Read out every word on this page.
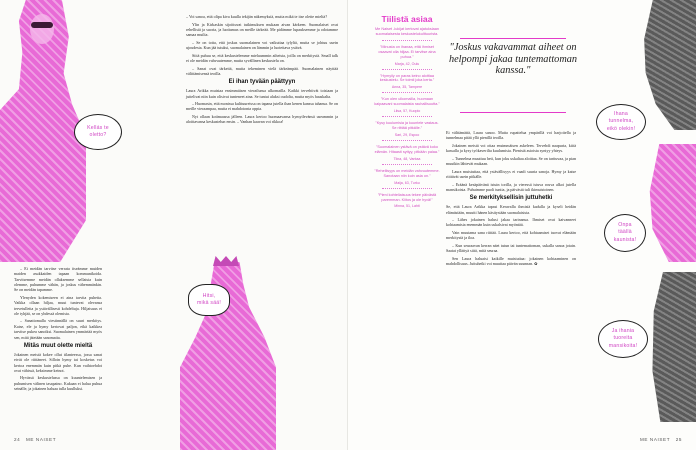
Kellás te
oletto?
Hitsi,
mikä sää!

– Ei meidän tarvitse verrata itseämme muiden maiden asukkaiden tapaan kommunikoida. Tarvitsemme meidän ollaksemme sellaisia kuin olemme, puhumme vähän, ja joskus vähemmänkin. Se on meidän tapamme.

Ylenyden kokemiseen ei aina tarvita puhetta. Vaikka ollaan hiljaa, muut tuntevat olevansa tervetulleita ja ystävällisesti kohdeltuja. Hiljaisuus ei ole tyhjää, se on yhdessä olemista.

– Sanattomalla viestinnällä on suuri merkitys. Katse, ele ja hymy kertovat paljon, eikä kaikkea tarvitse pukea sanoiksi. Suomalainen ymmärtää myös sen, mitä jätetään sanomatta.

Mitäs muut olette mieltä

Jokainen meistä kokee ollut tilanteessa, jossa sanat eivät ole riittäneet. Silloin hymy tai kosketus voi kertoa enemmän kuin pitkä puhe. Kun vaihtoehdot ovat vähissä, keksimme keinot.

Hyvässä keskustelussa on kuuntelemisen ja puhumisen välinen tasapaino. Kukaan ei halua puhua seinälle, ja jokainen haluaa tulla kuulluksi.

– Voi sanoa, että olipa kiva kuulla tekijän näkemyksiä, mutta mikä te itse olette mieltä?

Ylin ja Kirkaskin sijoittuvat tutkimuksen mukaan aivan kärkeen. Suomalaiset ovat rehellisiä ja suoria, ja luottamus on meille tärkeää. Me pidämme lupauksemme ja odotamme samaa muilta.

– Se on totta, että joskus suomalainen voi vaikuttaa tylyltä, mutta se johtuu usein ujoudesta. Kun jää tutuksi, suomalainen on lämmin ja luotettava ystävä.

Siitä puhuu se, että keskustelemme mieluummin aiheista, joilla on merkitystä. Small talk ei ole meidän vahvuutemme, mutta syvällinen keskustelu on.

– Sanat ovat tärkeitä, mutta tekeminen vielä tärkeämpää. Suomalainen näyttää välittämisensä teoilla.

Ei ihan tyvään päättyyn

Laura Arikka muistaa ensimmäisen vierailunsa ulkomailla. Kaikki tervehtivät toisiaan ja juttelivat niin kuin olisivat tunteneet aina. Se tuntui aluksi oudolta, mutta myös hauskalta.

– Huomasin, että monissa kulttuureissa on tapana jutella ihan kenen kanssa tahansa. Se on meille vieraampaa, mutta ei mahdotonta oppia.

Nyt ollaan kotimaassa jälleen. Laura kertoo huomaavansa hymyilevänsä useammin ja aloittavansa keskustelun ensin. – Vanhan kaavan voi rikkoa!

24 ME NAISET
Tiilistä asiaa
Me Naiset -lukijat kertovat ajatuksiaan suomalaisesta keskustelukulttuurista.
"Minusta on ihanaa, että ihmiset osaavat olla hiljaa. Ei tarvitse aina puhua."
Marja, 42, Oulu
"Hymyily on paras keino aloittaa keskustelu. Se toimii joka kerta."
Anna, 35, Tampere
"Kun olen ulkomailla, huomaan kaipaavani suomalaista rauhallisuutta."
Liisa, 57, Kuopio
"Kysy kuulumisia ja kuuntele vastaus. Se riittää pitkälle."
Sari, 29, Espoo
"Suomalainen ystävä on ystävä koko elämän. Hitaasti syttyy, pitkään palaa."
Tiina, 48, Vantaa
"Rehellisyys on meidän vahvuutemme. Sanotaan niin kuin asia on."
Maija, 63, Turku
"Pieni kohteliaisuus tekee päivästä paremman. Kiitos ja ole hyvä!"
Minna, 51, Lahti
"Joskus vakavammat aiheet on helpompi jakaa tuntemattoman kanssa."

Ei välttämättä, Laura sanoo. Mutta rupattelua ympärillä voi harjoitella ja tunnelmaa pitää yllä pienillä teoilla.

Jokainen meistä voi ottaa ensimmäisen askeleen. Tervehdi naapuria, kiitä kassalla ja kysy työkaverilta kuulumisia. Pienistä asioista syntyy yhteys.

– Tunnelma muuttuu heti, kun joku uskaltaa aloittaa. Se on tarttuvaa, ja pian muutkin lähtevät mukaan.

Laura muistuttaa, että ystävällisyys ei vaadi suuria sanoja. Hymy ja katse riittävät usein pitkälle.

– Eräänä kesäpäivänä istuin torilla, ja vieressä istuva rouva alkoi jutella mansikoista. Puhuimme puoli tuntia, ja päivästä tuli ikimuistoinen.

Se merkityksellisin juttuhetki

Se, että Laura Arikka tapasi Keravalla ihmisiä kadulla ja kyseli heidän elämästään, muutti hänen käsitystään suomalaisista.

– Lähes jokainen halusi jakaa tarinansa. Ihmiset ovat kaivanneet kohtaamisia enemmän kuin uskalsivat myöntää.

Vain muutama sana riittää. Laura kertoo, että kohtaamiset tuovat elämään merkitystä ja iloa.

– Kun seuraavan kerran näet tutun tai tuntemattoman, uskalla sanoa jotain. Saatat yllättyä siitä, mitä seuraa.

Sen Laura haluaisi kaikille muistuttaa: jokainen kohtaaminen on mahdollisuus. Juttuhetki voi muuttaa päivän suunnan. ✿

Ihana
tunnelma,
eikö olekin!
Onpa
täällä
kaunista!
Ja ihania
tuoreita
mansikoita!
ME NAISET 25
